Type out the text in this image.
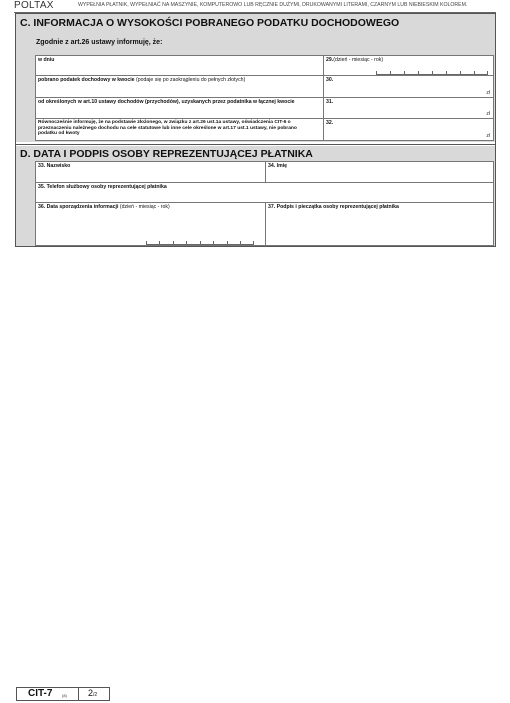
POLTAX	WYPEŁNIA PŁATNIK, WYPEŁNIAĆ NA MASZYNIE, KOMPUTEROWO LUB RĘCZNIE DUŻYMI, DRUKOWANYMI LITERAMI, CZARNYM LUB NIEBIESKIM KOLOREM.
C. INFORMACJA O WYSOKOŚCI POBRANEGO PODATKU DOCHODOWEGO
Zgodnie z art.26 ustawy informuję, że:
w dniu	29.(dzień - miesiąc - rok)
pobrano podatek dochodowy w kwocie (podaje się po zaokrągleniu do pełnych złotych)	30.
zł
od określonych w art.10 ustawy dochodów (przychodów), uzyskanych przez podatnika w łącznej kwocie	31.
zł
Równocześnie informuję, że na podstawie złożonego, w związku z art.26 ust.1a ustawy, oświadczenia CIT-6 o przeznaczeniu należnego dochodu na cele statutowe lub inne cele określone w art.17 ust.1 ustawy, nie pobrano podatku od kwoty
32.
zł
D. DATA I PODPIS OSOBY REPREZENTUJĄCEJ PŁATNIKA
33. Nazwisko	34. Imię
35. Telefon służbowy osoby reprezentującej płatnika
36. Data sporządzenia informacji (dzień - miesiąc - rok)	37. Podpis i pieczątka osoby reprezentującej płatnika
CIT-7 (8) 2/2
